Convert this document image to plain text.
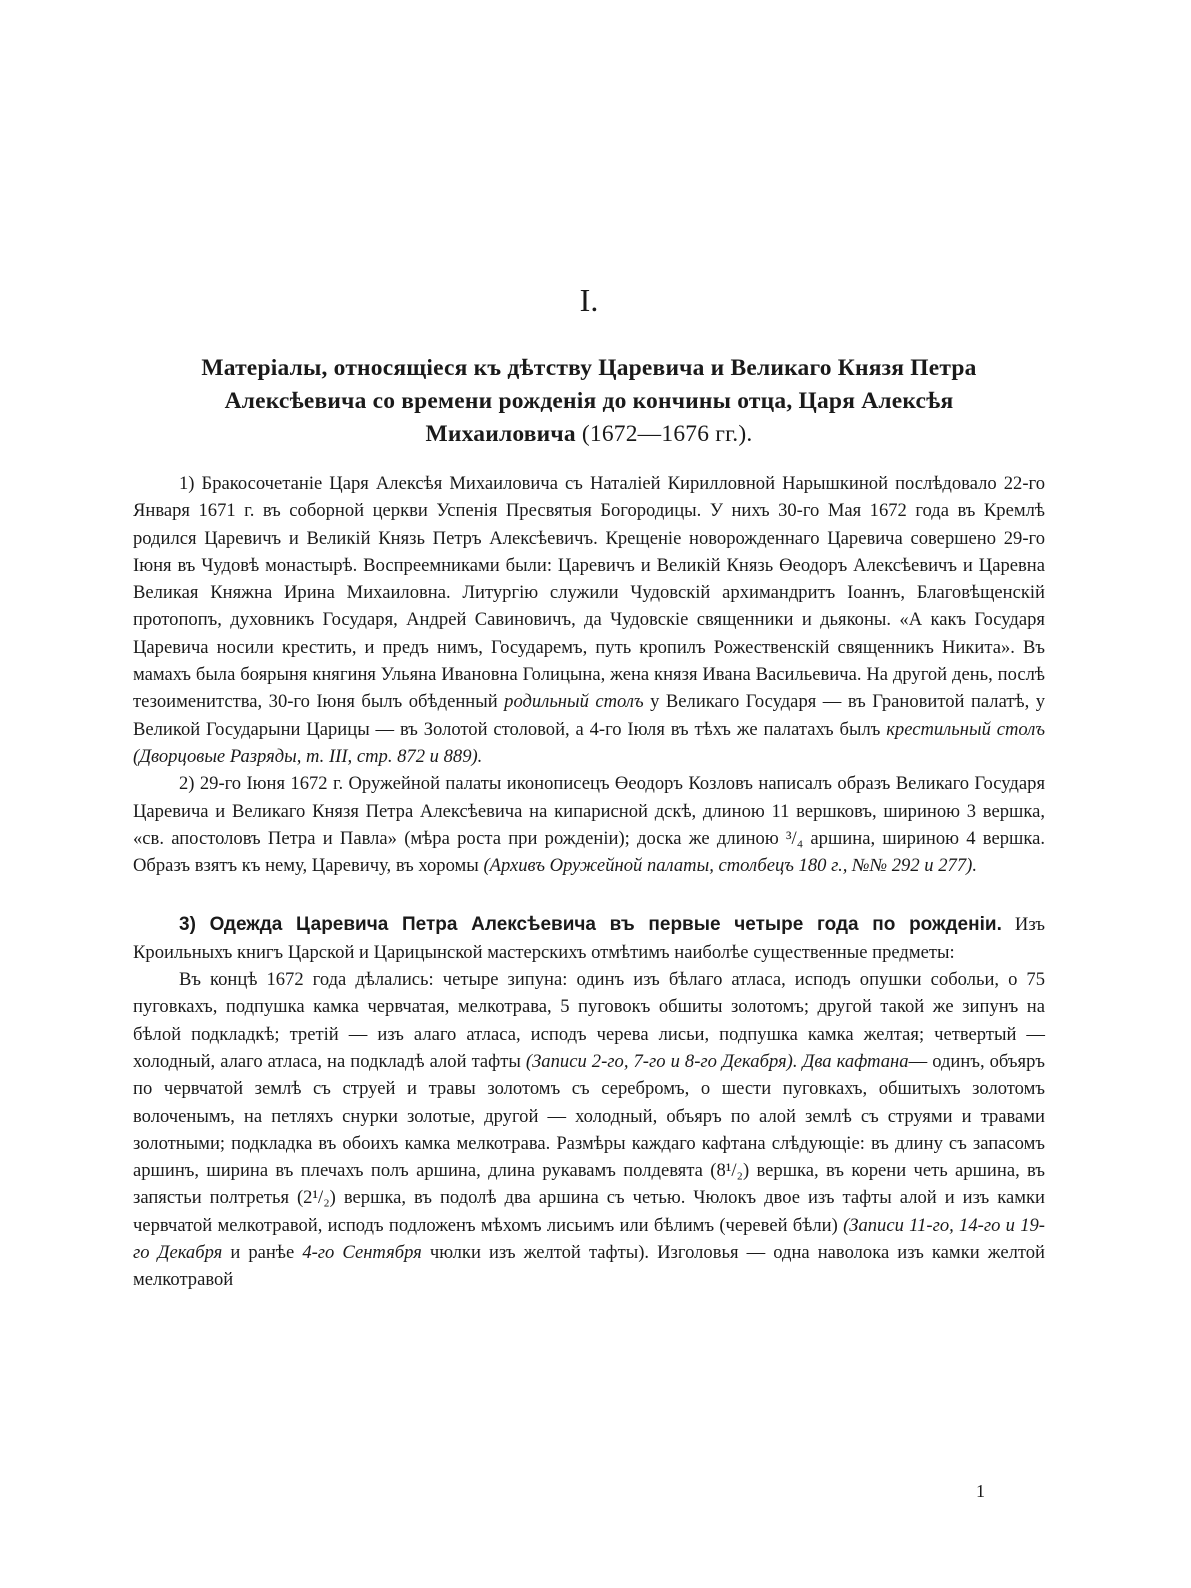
I.
Матеріалы, относящіеся къ дѣтству Царевича и Великаго Князя Петра Алексѣевича со времени рожденія до кончины отца, Царя Алексѣя Михаиловича (1672—1676 гг.).

1) Бракосочетаніе Царя Алексѣя Михаиловича съ Наталіей Кирилловной Нарышкиной послѣдовало 22-го Января 1671 г. въ соборной церкви Успенія Пресвятыя Богородицы. У нихъ 30-го Мая 1672 года въ Кремлѣ родился Царевичъ и Великій Князь Петръ Алексѣевичъ. Крещеніе новорожденнаго Царевича совершено 29-го Іюня въ Чудовѣ монастырѣ. Воспреемниками были: Царевичъ и Великій Князь Өеодоръ Алексѣевичъ и Царевна Великая Княжна Ирина Михаиловна. Литургію служили Чудовскій архимандритъ Іоаннъ, Благовѣщенскій протопопъ, духовникъ Государя, Андрей Савиновичъ, да Чудовскіе священники и дьяконы. «А какъ Государя Царевича носили крестить, и предъ нимъ, Государемъ, путь кропилъ Рожественскій священникъ Никита». Въ мамахъ была боярыня княгиня Ульяна Ивановна Голицына, жена князя Ивана Васильевича. На другой день, послѣ тезоименитства, 30-го Іюня былъ обѣденный родильный столъ у Великаго Государя — въ Грановитой палатѣ, у Великой Государыни Царицы — въ Золотой столовой, а 4-го Іюля въ тѣхъ же палатахъ былъ крестильный столъ (Дворцовые Разряды, т. III, стр. 872 и 889).

2) 29-го Іюня 1672 г. Оружейной палаты иконописецъ Өеодоръ Козловъ написалъ образъ Великаго Государя Царевича и Великаго Князя Петра Алексѣевича на кипарисной дскѣ, длиною 11 вершковъ, шириною 3 вершка, «св. апостоловъ Петра и Павла» (мѣра роста при рожденіи); доска же длиною ³/₄ аршина, шириною 4 вершка. Образъ взятъ къ нему, Царевичу, въ хоромы (Архивъ Оружейной палаты, столбецъ 180 г., №№ 292 и 277).

3) Одежда Царевича Петра Алексѣевича въ первые четыре года по рожденіи. Изъ Кроильныхъ книгъ Царской и Царицынской мастерскихъ отмѣтимъ наиболѣе существенные предметы:

Въ концѣ 1672 года дѣлались: четыре зипуна: одинъ изъ бѣлаго атласа, исподъ опушки собольи, о 75 пуговкахъ, подпушка камка червчатая, мелкотрава, 5 пуговокъ обшиты золотомъ; другой такой же зипунъ на бѣлой подкладкѣ; третій — изъ алаго атласа, исподъ черева лисьи, подпушка камка желтая; четвертый — холодный, алаго атласа, на подкладѣ алой тафты (Записи 2-го, 7-го и 8-го Декабря). Два кафтана— одинъ, объяръ по червчатой землѣ съ струей и травы золотомъ съ серебромъ, о шести пуговкахъ, обшитыхъ золотомъ волоченымъ, на петляхъ снурки золотые, другой — холодный, объяръ по алой землѣ съ струями и травами золотными; подкладка въ обоихъ камка мелкотрава. Размѣры каждаго кафтана слѣдующіе: въ длину съ запасомъ аршинъ, ширина въ плечахъ полъ аршина, длина рукавамъ полдевята (8¹/₂) вершка, въ корени четь аршина, въ запястьи полтретья (2¹/₂) вершка, въ подолѣ два аршина съ четью. Чюлокъ двое изъ тафты алой и изъ камки червчатой мелкотравой, исподъ подложенъ мѣхомъ лисьимъ или бѣлимъ (черевей бѣли) (Записи 11-го, 14-го и 19-го Декабря и ранѣе 4-го Сентября чюлки изъ желтой тафты). Изголовья — одна наволока изъ камки желтой мелкотравой

1
